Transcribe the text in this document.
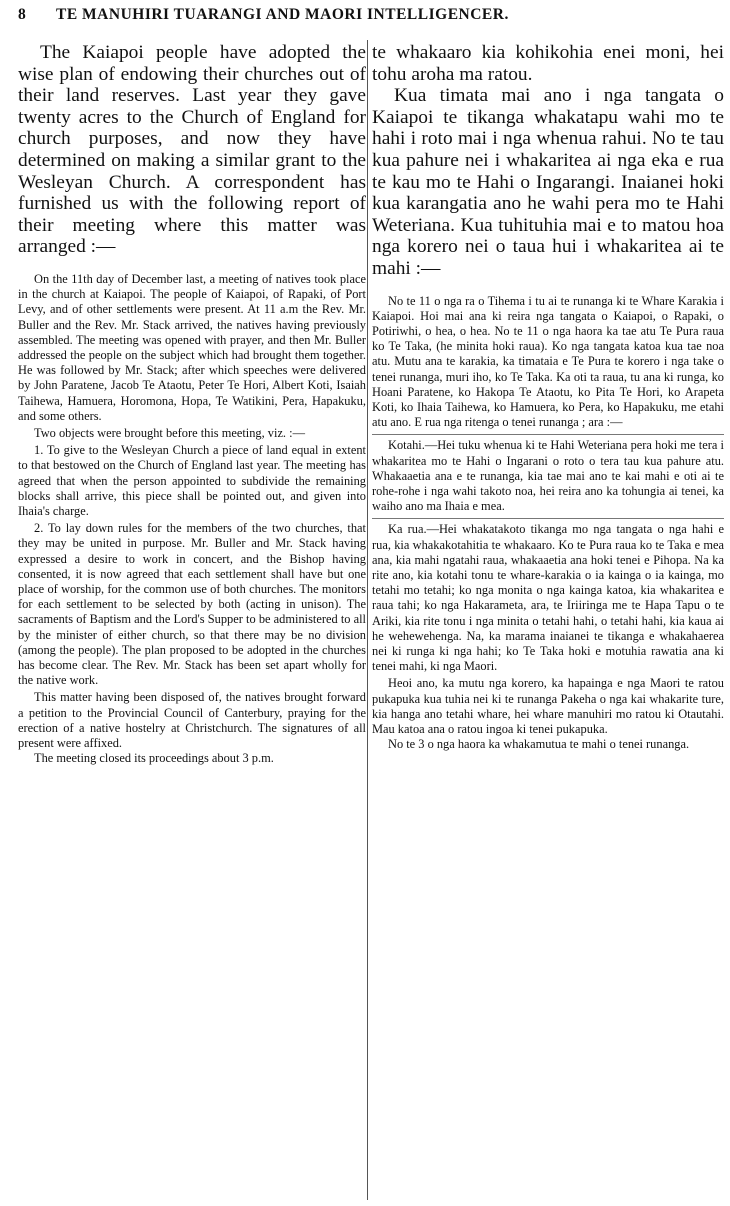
8 TE MANUHIRI TUARANGI AND MAORI INTELLIGENCER.

The Kaiapoi people have adopted the wise plan of endowing their churches out of their land reserves. Last year they gave twenty acres to the Church of England for church purposes, and now they have determined on making a similar grant to the Wesleyan Church. A correspondent has furnished us with the following report of their meeting where this matter was arranged :—

On the 11th day of December last, a meeting of natives took place in the church at Kaiapoi. The people of Kaiapoi, of Rapaki, of Port Levy, and of other settlements were present. At 11 a.m the Rev. Mr. Buller and the Rev. Mr. Stack arrived, the natives having previously assembled. The meeting was opened with prayer, and then Mr. Buller addressed the people on the subject which had brought them together. He was followed by Mr. Stack; after which speeches were delivered by John Paratene, Jacob Te Ataotu, Peter Te Hori, Albert Koti, Isaiah Taihewa, Hamuera, Horomona, Hopa, Te Watikini, Pera, Hapakuku, and some others.

Two objects were brought before this meeting, viz. :—

1. To give to the Wesleyan Church a piece of land equal in extent to that bestowed on the Church of England last year. The meeting has agreed that when the person appointed to subdivide the remaining blocks shall arrive, this piece shall be pointed out, and given into Ihaia's charge.

2. To lay down rules for the members of the two churches, that they may be united in purpose. Mr. Buller and Mr. Stack having expressed a desire to work in concert, and the Bishop having consented, it is now agreed that each settlement shall have but one place of worship, for the common use of both churches. The monitors for each settlement to be selected by both (acting in unison). The sacraments of Baptism and the Lord's Supper to be administered to all by the minister of either church, so that there may be no division (among the people). The plan proposed to be adopted in the churches has become clear. The Rev. Mr. Stack has been set apart wholly for the native work.

This matter having been disposed of, the natives brought forward a petition to the Provincial Council of Canterbury, praying for the erection of a native hostelry at Christchurch. The signatures of all present were affixed.

The meeting closed its proceedings about 3 p.m.

te whakaaro kia kohikohia enei moni, hei tohu aroha ma ratou.

Kua timata mai ano i nga tangata o Kaiapoi te tikanga whakatapu wahi mo te hahi i roto mai i nga whenua rahui. No te tau kua pahure nei i whakaritea ai nga eka e rua te kau mo te Hahi o Ingarangi. Inaianei hoki kua karangatia ano he wahi pera mo te Hahi Weteriana. Kua tuhituhia mai e to matou hoa nga korero nei o taua hui i whakaritea ai te mahi :—

No te 11 o nga ra o Tihema i tu ai te runanga ki te Whare Karakia i Kaiapoi. Hoi mai ana ki reira nga tangata o Kaiapoi, o Rapaki, o Potiriwhi, o hea, o hea. No te 11 o nga haora ka tae atu Te Pura raua ko Te Taka, (he minita hoki raua). Ko nga tangata katoa kua tae noa atu. Mutu ana te karakia, ka timataia e Te Pura te korero i nga take o tenei runanga, muri iho, ko Te Taka. Ka oti ta raua, tu ana ki runga, ko Hoani Paratene, ko Hakopa Te Ataotu, ko Pita Te Hori, ko Arapeta Koti, ko Ihaia Taihewa, ko Hamuera, ko Pera, ko Hapakuku, me etahi atu ano. E rua nga ritenga o tenei runanga ; ara :—

Kotahi.—Hei tuku whenua ki te Hahi Weteriana pera hoki me tera i whakaritea mo te Hahi o Ingarani o roto o tera tau kua pahure atu. Whakaaetia ana e te runanga, kia tae mai ano te kai mahi e oti ai te rohe-rohe i nga wahi takoto noa, hei reira ano ka tohungia ai tenei, ka waiho ano ma Ihaia e mea.

Ka rua.—Hei whakatakoto tikanga mo nga tangata o nga hahi e rua, kia whakakotahitia te whakaaro. Ko te Pura raua ko te Taka e mea ana, kia mahi ngatahi raua, whakaaetia ana hoki tenei e Pihopa. Na ka rite ano, kia kotahi tonu te whare-karakia o ia kainga o ia kainga, mo tetahi mo tetahi; ko nga monita o nga kainga katoa, kia whakaritea e raua tahi; ko nga Hakarameta, ara, te Iriiringa me te Hapa Tapu o te Ariki, kia rite tonu i nga minita o tetahi hahi, o tetahi hahi, kia kaua ai he wehewehenga. Na, ka marama inaianei te tikanga e whakahaerea nei ki runga ki nga hahi; ko Te Taka hoki e motuhia rawatia ana ki tenei mahi, ki nga Maori.

Heoi ano, ka mutu nga korero, ka hapainga e nga Maori te ratou pukapuka kua tuhia nei ki te runanga Pakeha o nga kai whakarite ture, kia hanga ano tetahi whare, hei whare manuhiri mo ratou ki Otautahi. Mau katoa ana o ratou ingoa ki tenei pukapuka.

No te 3 o nga haora ka whakamutua te mahi o tenei runanga.
